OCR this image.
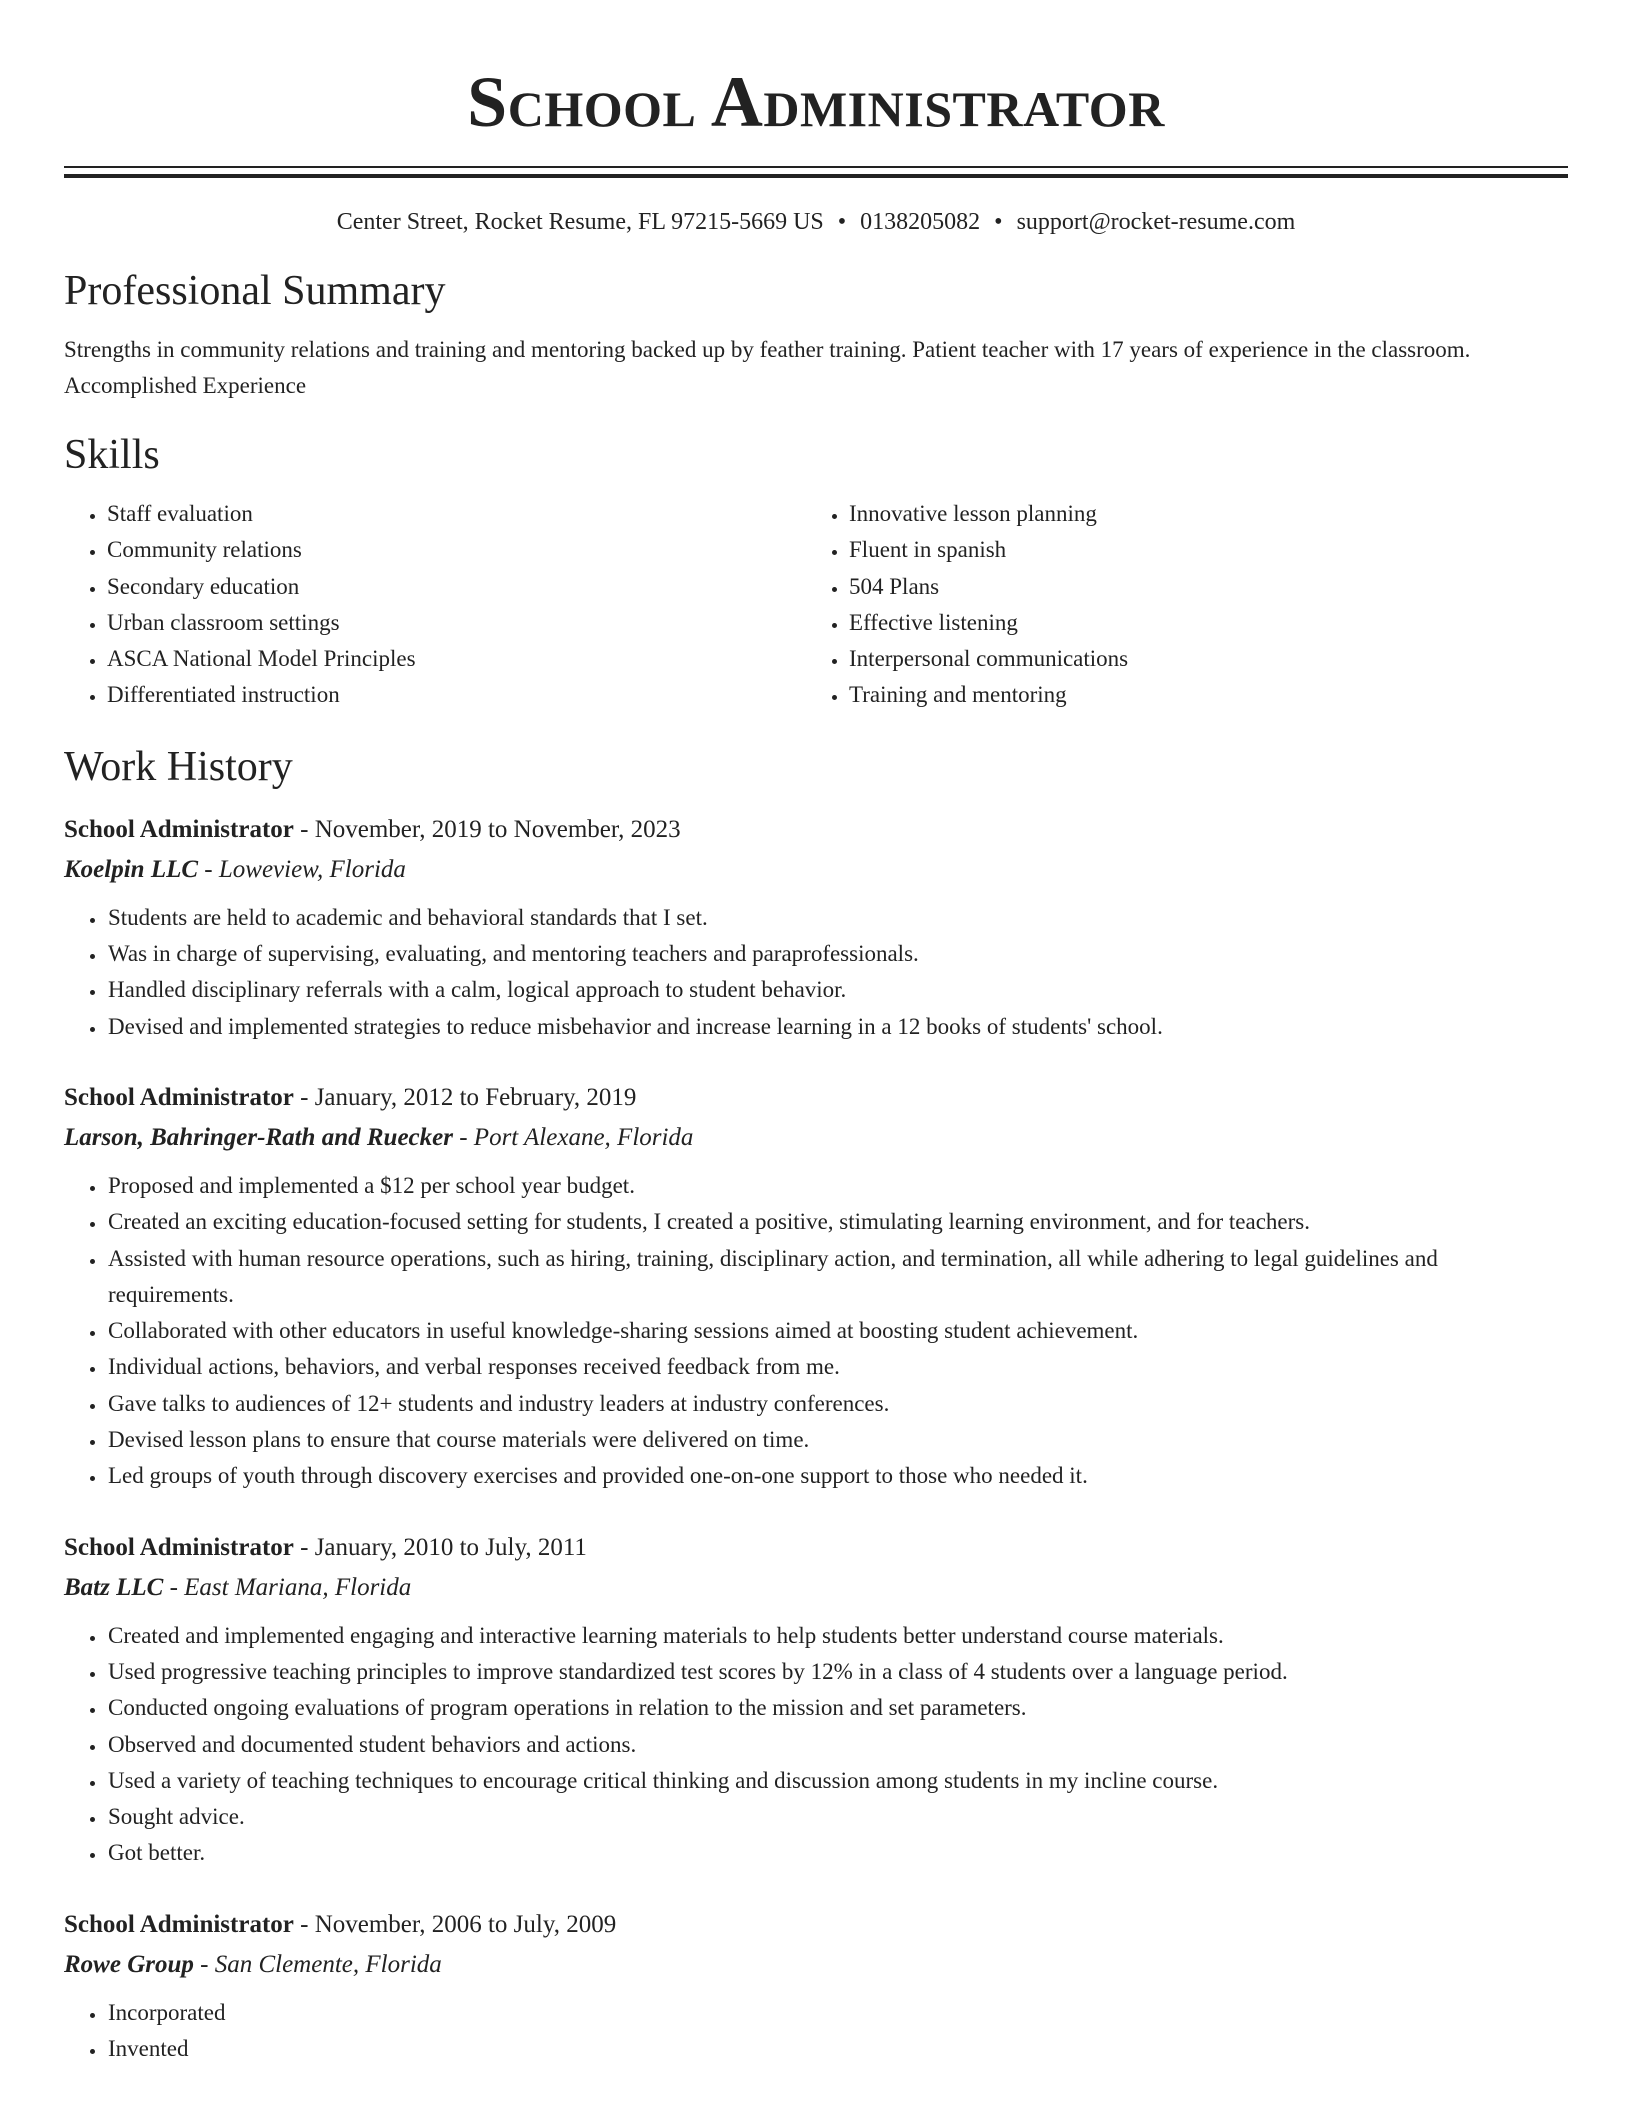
School Administrator
Center Street, Rocket Resume, FL 97215-5669 US • 0138205082 • support@rocket-resume.com
Professional Summary
Strengths in community relations and training and mentoring backed up by feather training. Patient teacher with 17 years of experience in the classroom. Accomplished Experience
Skills
• Staff evaluation
• Community relations
• Secondary education
• Urban classroom settings
• ASCA National Model Principles
• Differentiated instruction
• Innovative lesson planning
• Fluent in spanish
• 504 Plans
• Effective listening
• Interpersonal communications
• Training and mentoring
Work History
School Administrator - November, 2019 to November, 2023
Koelpin LLC - Loweview, Florida
• Students are held to academic and behavioral standards that I set.
• Was in charge of supervising, evaluating, and mentoring teachers and paraprofessionals.
• Handled disciplinary referrals with a calm, logical approach to student behavior.
• Devised and implemented strategies to reduce misbehavior and increase learning in a 12 books of students' school.
School Administrator - January, 2012 to February, 2019
Larson, Bahringer-Rath and Ruecker - Port Alexane, Florida
• Proposed and implemented a $12 per school year budget.
• Created an exciting education-focused setting for students, I created a positive, stimulating learning environment, and for teachers.
• Assisted with human resource operations, such as hiring, training, disciplinary action, and termination, all while adhering to legal guidelines and requirements.
• Collaborated with other educators in useful knowledge-sharing sessions aimed at boosting student achievement.
• Individual actions, behaviors, and verbal responses received feedback from me.
• Gave talks to audiences of 12+ students and industry leaders at industry conferences.
• Devised lesson plans to ensure that course materials were delivered on time.
• Led groups of youth through discovery exercises and provided one-on-one support to those who needed it.
School Administrator - January, 2010 to July, 2011
Batz LLC - East Mariana, Florida
• Created and implemented engaging and interactive learning materials to help students better understand course materials.
• Used progressive teaching principles to improve standardized test scores by 12% in a class of 4 students over a language period.
• Conducted ongoing evaluations of program operations in relation to the mission and set parameters.
• Observed and documented student behaviors and actions.
• Used a variety of teaching techniques to encourage critical thinking and discussion among students in my incline course.
• Sought advice.
• Got better.
School Administrator - November, 2006 to July, 2009
Rowe Group - San Clemente, Florida
• Incorporated
• Invented
